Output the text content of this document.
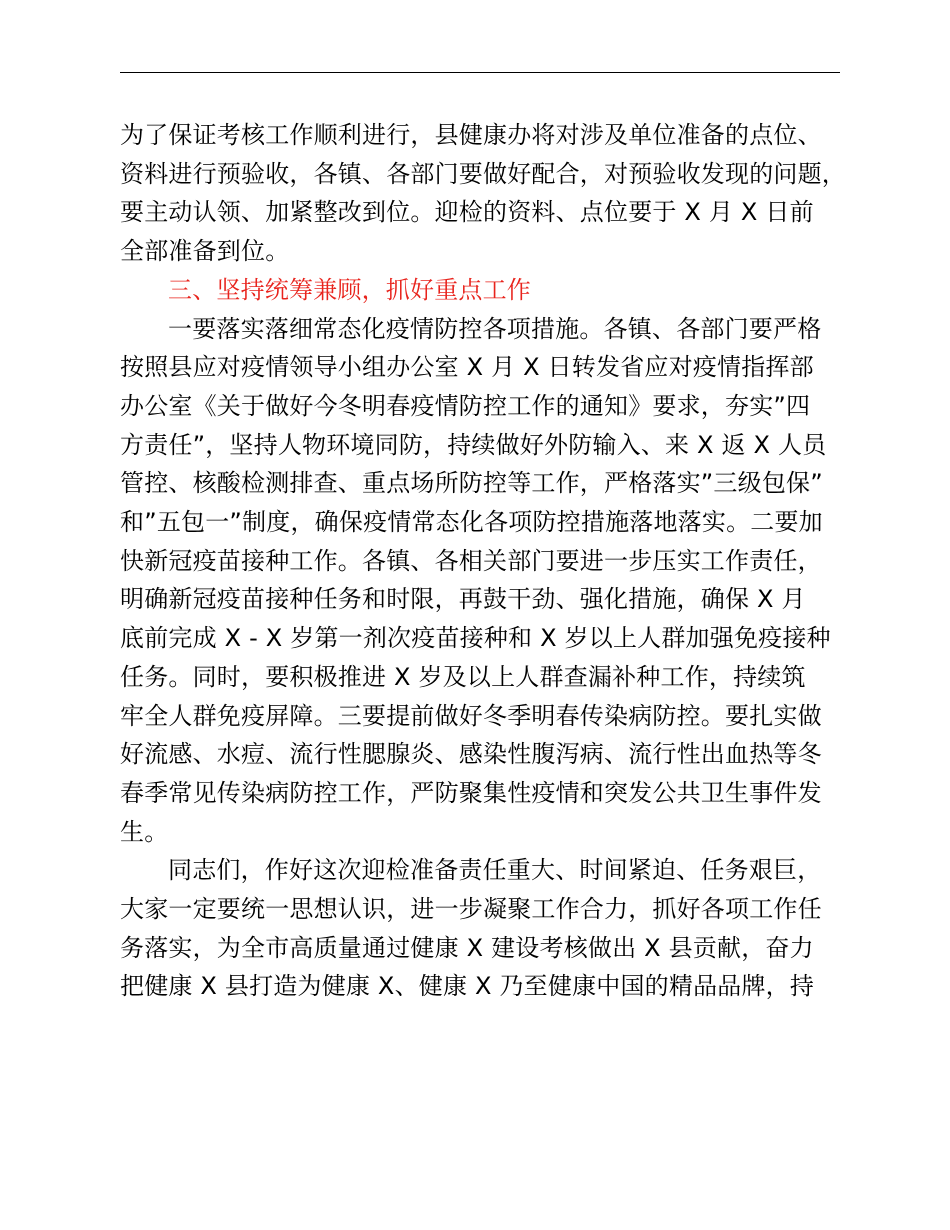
为了保证考核工作顺利进行，县健康办将对涉及单位准备的点位、
资料进行预验收，各镇、各部门要做好配合，对预验收发现的问题，
要主动认领、加紧整改到位。迎检的资料、点位要于 X 月 X 日前
全部准备到位。

三、坚持统筹兼顾，抓好重点工作

一要落实落细常态化疫情防控各项措施。各镇、各部门要严格
按照县应对疫情领导小组办公室 X 月 X 日转发省应对疫情指挥部
办公室《关于做好今冬明春疫情防控工作的通知》要求，夯实”四
方责任”，坚持人物环境同防，持续做好外防输入、来 X 返 X 人员
管控、核酸检测排查、重点场所防控等工作，严格落实”三级包保”
和”五包一”制度，确保疫情常态化各项防控措施落地落实。二要加
快新冠疫苗接种工作。各镇、各相关部门要进一步压实工作责任，
明确新冠疫苗接种任务和时限，再鼓干劲、强化措施，确保 X 月
底前完成 X - X 岁第一剂次疫苗接种和 X 岁以上人群加强免疫接种
任务。同时，要积极推进 X 岁及以上人群查漏补种工作，持续筑
牢全人群免疫屏障。三要提前做好冬季明春传染病防控。要扎实做
好流感、水痘、流行性腮腺炎、感染性腹泻病、流行性出血热等冬
春季常见传染病防控工作，严防聚集性疫情和突发公共卫生事件发
生。

同志们，作好这次迎检准备责任重大、时间紧迫、任务艰巨，
大家一定要统一思想认识，进一步凝聚工作合力，抓好各项工作任
务落实，为全市高质量通过健康 X 建设考核做出 X 县贡献，奋力
把健康 X 县打造为健康 X、健康 X 乃至健康中国的精品品牌，持
